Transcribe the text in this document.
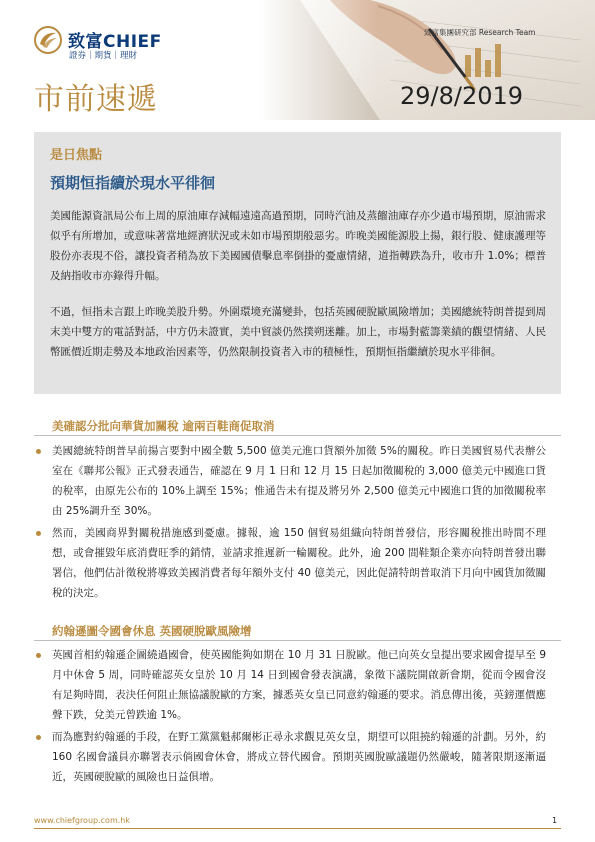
致富CHIEF
證券｜期貨｜理財
致富集團研究部 Research Team
市前速遞	29/8/2019
是日焦點
預期恒指續於現水平徘徊

美國能源資訊局公布上周的原油庫存減幅遠遠高過預期，同時汽油及蒸餾油庫存亦少過市場預期，原油需求似乎有所增加，或意味著當地經濟狀況或未如市場預期般惡劣。昨晚美國能源股上揚，銀行股、健康護理等股份亦表現不俗，讓投資者稍為放下美國國債擊息率倒掛的憂慮情緒，道指轉跌為升，收市升 1.0%；標普及納指收市亦錄得升幅。

不過，恒指未言跟上昨晚美股升勢。外圍環境充滿變卦，包括英國硬脫歐風險增加；美國總統特朗普提到周末美中雙方的電話對話，中方仍未證實，美中貿談仍然撲朔迷離。加上，市場對藍籌業績的觀望情緒、人民幣匯價近期走勢及本地政治因素等，仍然限制投資者入市的積極性，預期恒指繼續於現水平徘徊。

美確認分批向華貨加關稅 逾兩百鞋商促取消

美國總統特朗普早前揚言要對中國全數 5,500 億美元進口貨額外加徵 5%的關稅。昨日美國貿易代表辦公室在《聯邦公報》正式發表通告，確認在 9 月 1 日和 12 月 15 日起加徵關稅的 3,000 億美元中國進口貨的稅率，由原先公布的 10%上調至 15%；惟通告未有提及將另外 2,500 億美元中國進口貨的加徵關稅率由 25%調升至 30%。

然而，美國商界對關稅措施感到憂慮。據報，逾 150 個貿易組織向特朗普發信，形容關稅推出時間不理想，或會摧毀年底消費旺季的銷情，並請求推遲新一輪關稅。此外，逾 200 間鞋類企業亦向特朗普發出聯署信，他們估計徵稅將導致美國消費者每年額外支付 40 億美元，因此促請特朗普取消下月向中國貨加徵關稅的決定。

約翰遜圖令國會休息 英國硬脫歐風險增

英國首相約翰遜企圖繞過國會，使英國能夠如期在 10 月 31 日脫歐。他已向英女皇提出要求國會提早至 9 月中休會 5 周，同時確認英女皇於 10 月 14 日到國會發表演講，象徵下議院開啟新會期，從而令國會沒有足夠時間，表決任何阻止無協議脫歐的方案，據悉英女皇已同意約翰遜的要求。消息傳出後，英鎊運價應聲下跌，兌美元曾跌逾 1%。

而為應對約翰遜的手段，在野工黨黨魁郝爾彬正尋永求觀見英女皇，期望可以阻撓約翰遜的計劃。另外，約 160 名國會議員亦聯署表示倘國會休會，將成立替代國會。預期英國脫歐議題仍然嚴峻，隨著限期逐漸逼近，英國硬脫歐的風險也日益俱增。

www.chiefgroup.com.hk	1
